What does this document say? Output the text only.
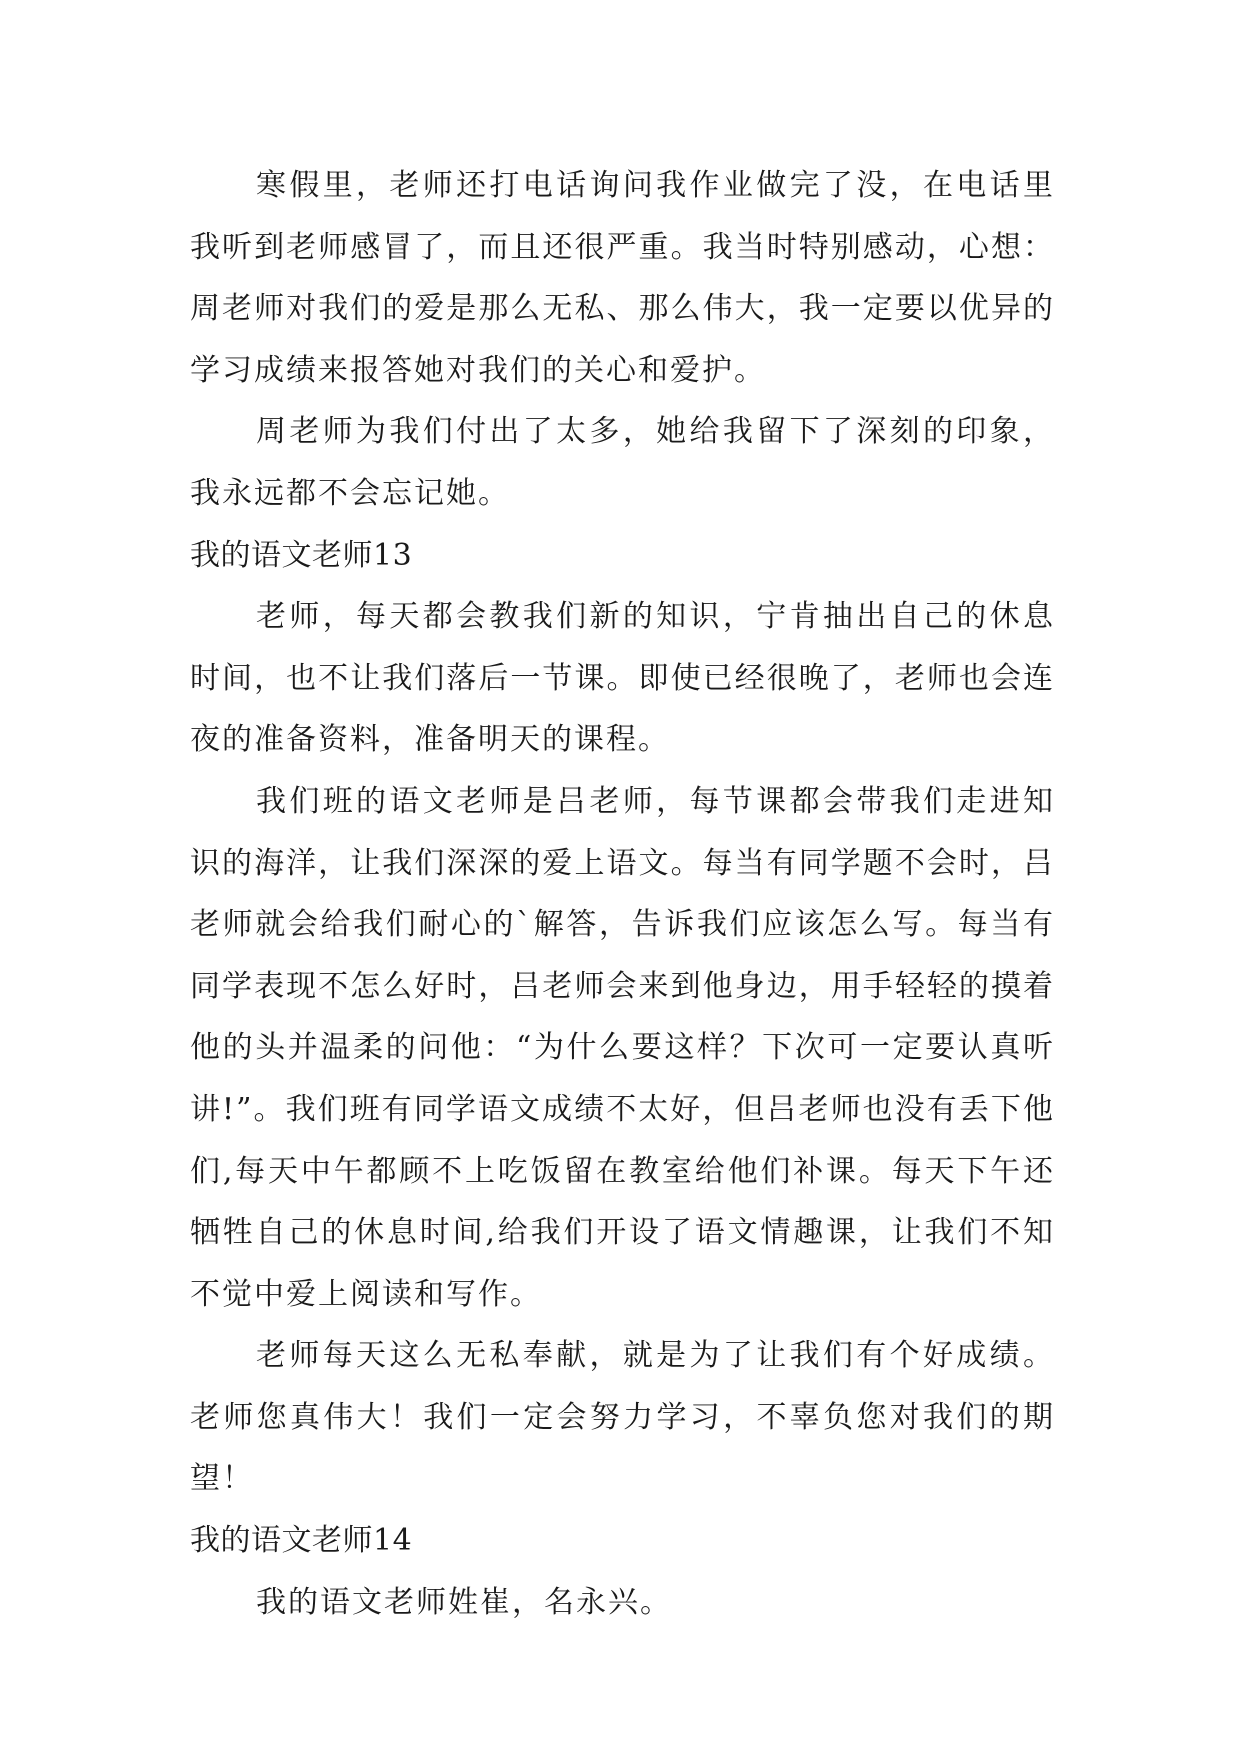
寒假里，老师还打电话询问我作业做完了没，在电话里我听到老师感冒了，而且还很严重。我当时特别感动，心想：周老师对我们的爱是那么无私、那么伟大，我一定要以优异的学习成绩来报答她对我们的关心和爱护。

周老师为我们付出了太多，她给我留下了深刻的印象，我永远都不会忘记她。

我的语文老师13

老师，每天都会教我们新的知识，宁肯抽出自己的休息时间，也不让我们落后一节课。即使已经很晚了，老师也会连夜的准备资料，准备明天的课程。

我们班的语文老师是吕老师，每节课都会带我们走进知识的海洋，让我们深深的爱上语文。每当有同学题不会时，吕老师就会给我们耐心的`解答，告诉我们应该怎么写。每当有同学表现不怎么好时，吕老师会来到他身边，用手轻轻的摸着他的头并温柔的问他：“为什么要这样？下次可一定要认真听讲!”。我们班有同学语文成绩不太好，但吕老师也没有丢下他们,每天中午都顾不上吃饭留在教室给他们补课。每天下午还牺牲自己的休息时间,给我们开设了语文情趣课，让我们不知不觉中爱上阅读和写作。

老师每天这么无私奉献，就是为了让我们有个好成绩。老师您真伟大！我们一定会努力学习，不辜负您对我们的期望！

我的语文老师14

我的语文老师姓崔，名永兴。
